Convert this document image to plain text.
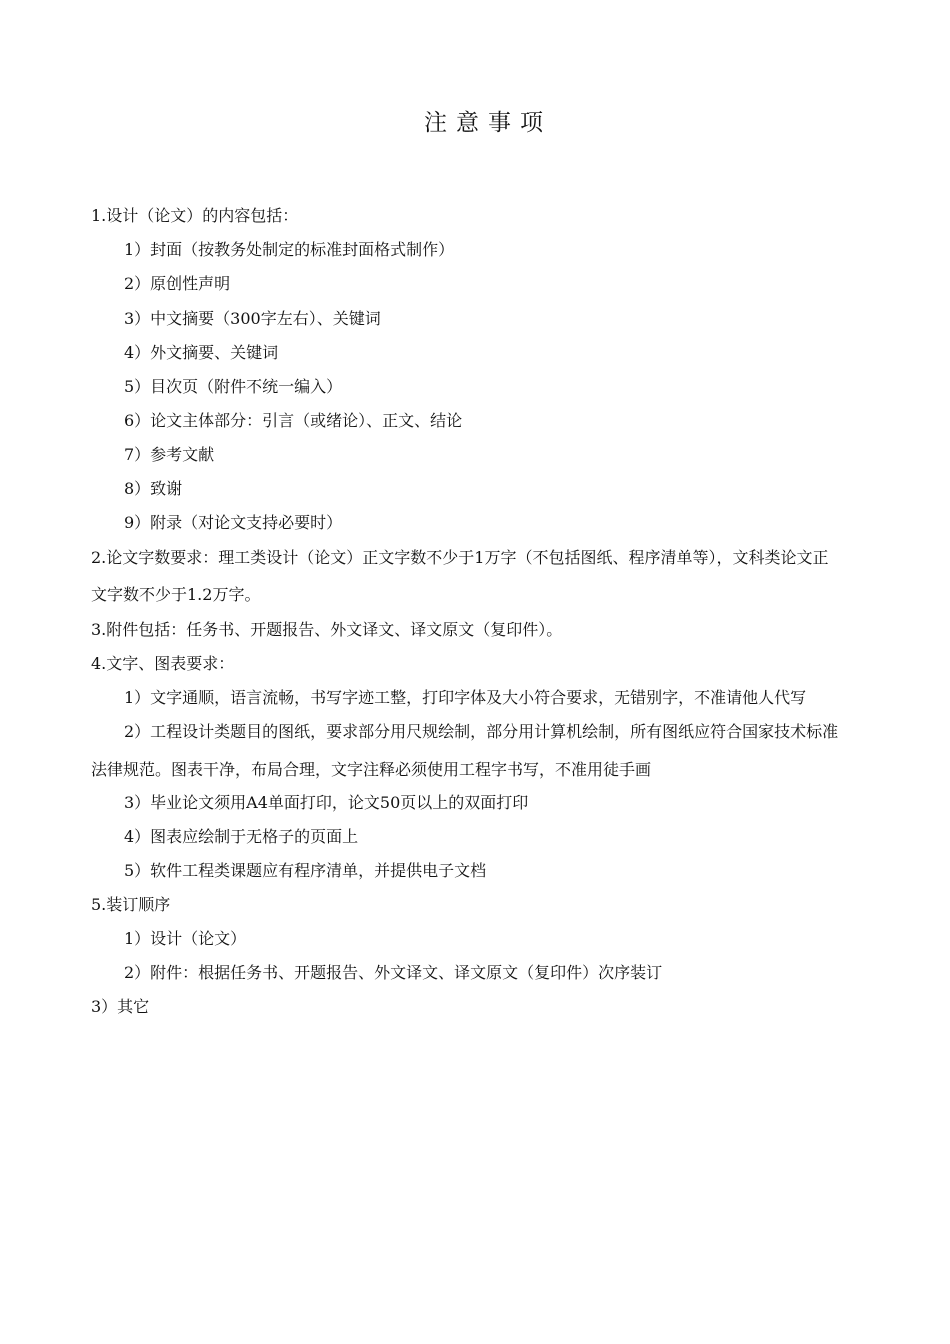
注意事项
1.设计（论文）的内容包括：
1）封面（按教务处制定的标准封面格式制作）
2）原创性声明
3）中文摘要（300字左右）、关键词
4）外文摘要、关键词
5）目次页（附件不统一编入）
6）论文主体部分：引言（或绪论）、正文、结论
7）参考文献
8）致谢
9）附录（对论文支持必要时）
2.论文字数要求：理工类设计（论文）正文字数不少于1万字（不包括图纸、程序清单等），文科类论文正
文字数不少于1.2万字。
3.附件包括：任务书、开题报告、外文译文、译文原文（复印件）。
4.文字、图表要求：
1）文字通顺，语言流畅，书写字迹工整，打印字体及大小符合要求，无错别字，不准请他人代写
2）工程设计类题目的图纸，要求部分用尺规绘制，部分用计算机绘制，所有图纸应符合国家技术标准
法律规范。图表干净，布局合理，文字注释必须使用工程字书写，不准用徒手画
3）毕业论文须用A4单面打印，论文50页以上的双面打印
4）图表应绘制于无格子的页面上
5）软件工程类课题应有程序清单，并提供电子文档
5.装订顺序
1）设计（论文）
2）附件：根据任务书、开题报告、外文译文、译文原文（复印件）次序装订
3）其它
